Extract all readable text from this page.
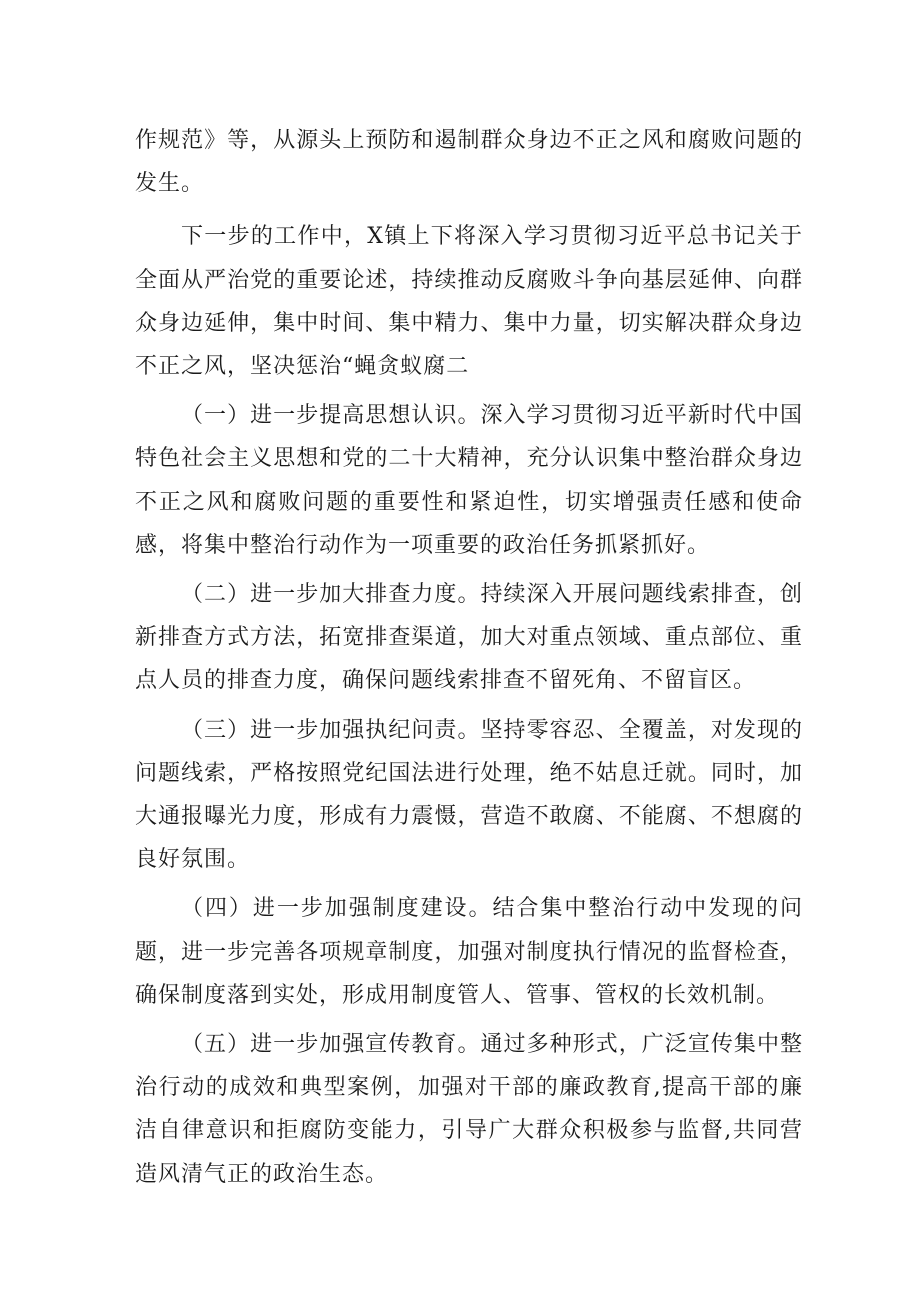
作规范》等，从源头上预防和遏制群众身边不正之风和腐败问题的发生。

下一步的工作中，X镇上下将深入学习贯彻习近平总书记关于全面从严治党的重要论述，持续推动反腐败斗争向基层延伸、向群众身边延伸，集中时间、集中精力、集中力量，切实解决群众身边不正之风，坚决惩治“蝇贪蚁腐二

（一）进一步提高思想认识。深入学习贯彻习近平新时代中国特色社会主义思想和党的二十大精神，充分认识集中整治群众身边不正之风和腐败问题的重要性和紧迫性，切实增强责任感和使命感，将集中整治行动作为一项重要的政治任务抓紧抓好。

（二）进一步加大排查力度。持续深入开展问题线索排查，创新排查方式方法，拓宽排查渠道，加大对重点领域、重点部位、重点人员的排查力度，确保问题线索排查不留死角、不留盲区。

（三）进一步加强执纪问责。坚持零容忍、全覆盖，对发现的问题线索，严格按照党纪国法进行处理，绝不姑息迁就。同时，加大通报曝光力度，形成有力震慑，营造不敢腐、不能腐、不想腐的良好氛围。

（四）进一步加强制度建设。结合集中整治行动中发现的问题，进一步完善各项规章制度，加强对制度执行情况的监督检查，确保制度落到实处，形成用制度管人、管事、管权的长效机制。

（五）进一步加强宣传教育。通过多种形式，广泛宣传集中整治行动的成效和典型案例，加强对干部的廉政教育,提高干部的廉洁自律意识和拒腐防变能力，引导广大群众积极参与监督,共同营造风清气正的政治生态。
